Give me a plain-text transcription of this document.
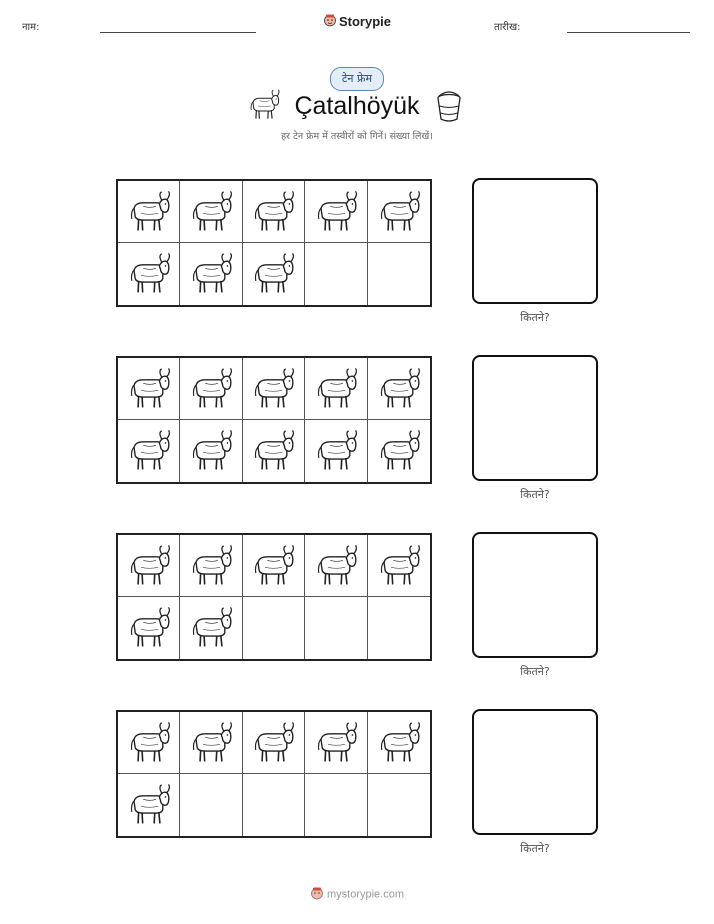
नाम:	Storypie	तारीख:
टेन फ्रेम
Çatalhöyük
हर टेन फ्रेम में तस्वीरों को गिनें। संख्या लिखें।
कितने?
कितने?
कितने?
कितने?
mystorypie.com
